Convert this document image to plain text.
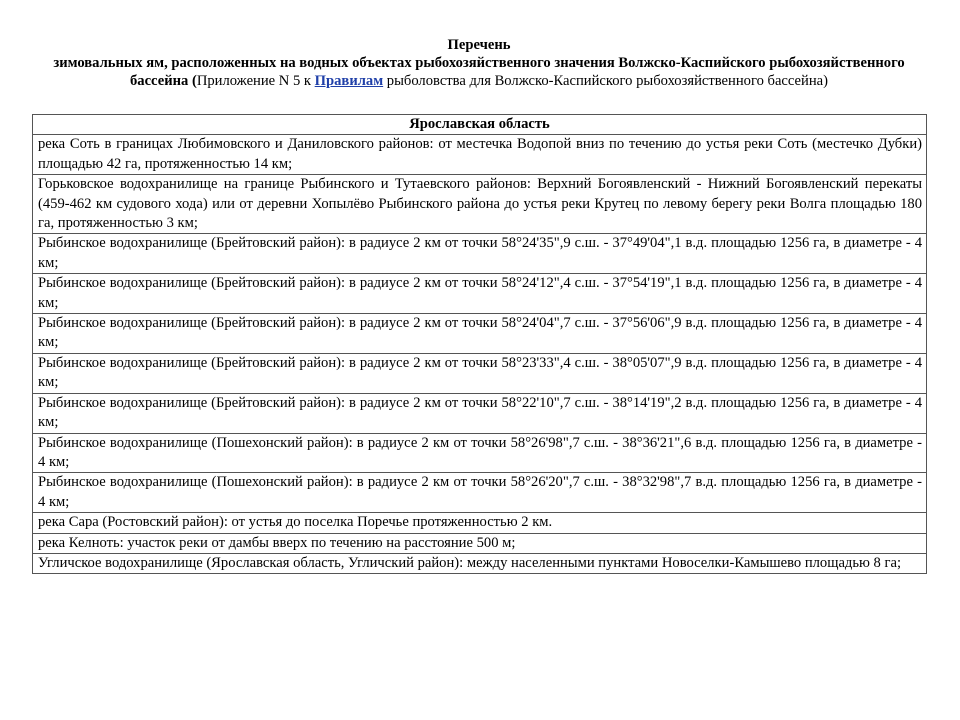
Перечень
зимовальных ям, расположенных на водных объектах рыбохозяйственного значения Волжско-Каспийского рыбохозяйственного бассейна (Приложение N 5 к Правилам рыболовства для Волжско-Каспийского рыбохозяйственного бассейна)
Ярославская область
река Соть в границах Любимовского и Даниловского районов: от местечка Водопой вниз по течению до устья реки Соть (местечко Дубки) площадью 42 га, протяженностью 14 км;
Горьковское водохранилище на границе Рыбинского и Тутаевского районов: Верхний Богоявленский - Нижний Богоявленский перекаты (459-462 км судового хода) или от деревни Хопылёво Рыбинского района до устья реки Крутец по левому берегу реки Волга площадью 180 га, протяженностью 3 км;
Рыбинское водохранилище (Брейтовский район): в радиусе 2 км от точки 58°24'35",9 с.ш. - 37°49'04",1 в.д. площадью 1256 га, в диаметре - 4 км;
Рыбинское водохранилище (Брейтовский район): в радиусе 2 км от точки 58°24'12",4 с.ш. - 37°54'19",1 в.д. площадью 1256 га, в диаметре - 4 км;
Рыбинское водохранилище (Брейтовский район): в радиусе 2 км от точки 58°24'04",7 с.ш. - 37°56'06",9 в.д. площадью 1256 га, в диаметре - 4 км;
Рыбинское водохранилище (Брейтовский район): в радиусе 2 км от точки 58°23'33",4 с.ш. - 38°05'07",9 в.д. площадью 1256 га, в диаметре - 4 км;
Рыбинское водохранилище (Брейтовский район): в радиусе 2 км от точки 58°22'10",7 с.ш. - 38°14'19",2 в.д. площадью 1256 га, в диаметре - 4 км;
Рыбинское водохранилище (Пошехонский район): в радиусе 2 км от точки 58°26'98",7 с.ш. - 38°36'21",6 в.д. площадью 1256 га, в диаметре - 4 км;
Рыбинское водохранилище (Пошехонский район): в радиусе 2 км от точки 58°26'20",7 с.ш. - 38°32'98",7 в.д. площадью 1256 га, в диаметре - 4 км;
река Сара (Ростовский район): от устья до поселка Поречье протяженностью 2 км.
река Келноть: участок реки от дамбы вверх по течению на расстояние 500 м;
Угличское водохранилище (Ярославская область, Угличский район): между населенными пунктами Новоселки-Камышево площадью 8 га;
